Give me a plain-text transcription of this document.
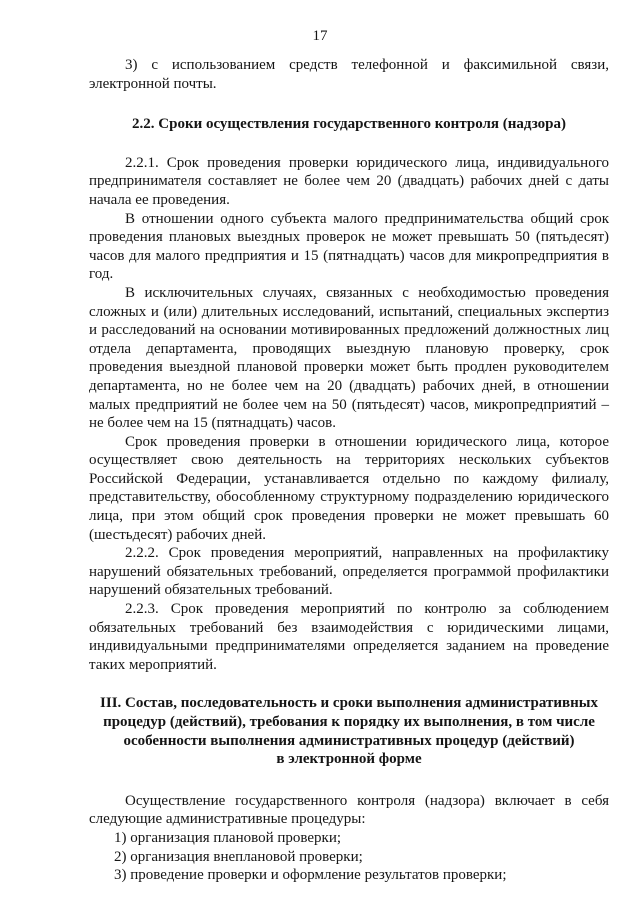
17

3) с использованием средств телефонной и факсимильной связи, электронной почты.

2.2. Сроки осуществления государственного контроля (надзора)

2.2.1. Срок проведения проверки юридического лица, индивидуального предпринимателя составляет не более чем 20 (двадцать) рабочих дней с даты начала ее проведения.

В отношении одного субъекта малого предпринимательства общий срок проведения плановых выездных проверок не может превышать 50 (пятьдесят) часов для малого предприятия и 15 (пятнадцать) часов для микропредприятия в год.

В исключительных случаях, связанных с необходимостью проведения сложных и (или) длительных исследований, испытаний, специальных экспертиз и расследований на основании мотивированных предложений должностных лиц отдела департамента, проводящих выездную плановую проверку, срок проведения выездной плановой проверки может быть продлен руководителем департамента, но не более чем на 20 (двадцать) рабочих дней, в отношении малых предприятий не более чем на 50 (пятьдесят) часов, микропредприятий – не более чем на 15 (пятнадцать) часов.

Срок проведения проверки в отношении юридического лица, которое осуществляет свою деятельность на территориях нескольких субъектов Российской Федерации, устанавливается отдельно по каждому филиалу, представительству, обособленному структурному подразделению юридического лица, при этом общий срок проведения проверки не может превышать 60 (шестьдесят) рабочих дней.

2.2.2. Срок проведения мероприятий, направленных на профилактику нарушений обязательных требований, определяется программой профилактики нарушений обязательных требований.

2.2.3. Срок проведения мероприятий по контролю за соблюдением обязательных требований без взаимодействия с юридическими лицами, индивидуальными предпринимателями определяется заданием на проведение таких мероприятий.

III. Состав, последовательность и сроки выполнения административных
процедур (действий), требования к порядку их выполнения, в том числе
особенности выполнения административных процедур (действий)
в электронной форме

Осуществление государственного контроля (надзора) включает в себя следующие административные процедуры:

1) организация плановой проверки;

2) организация внеплановой проверки;

3) проведение проверки и оформление результатов проверки;
